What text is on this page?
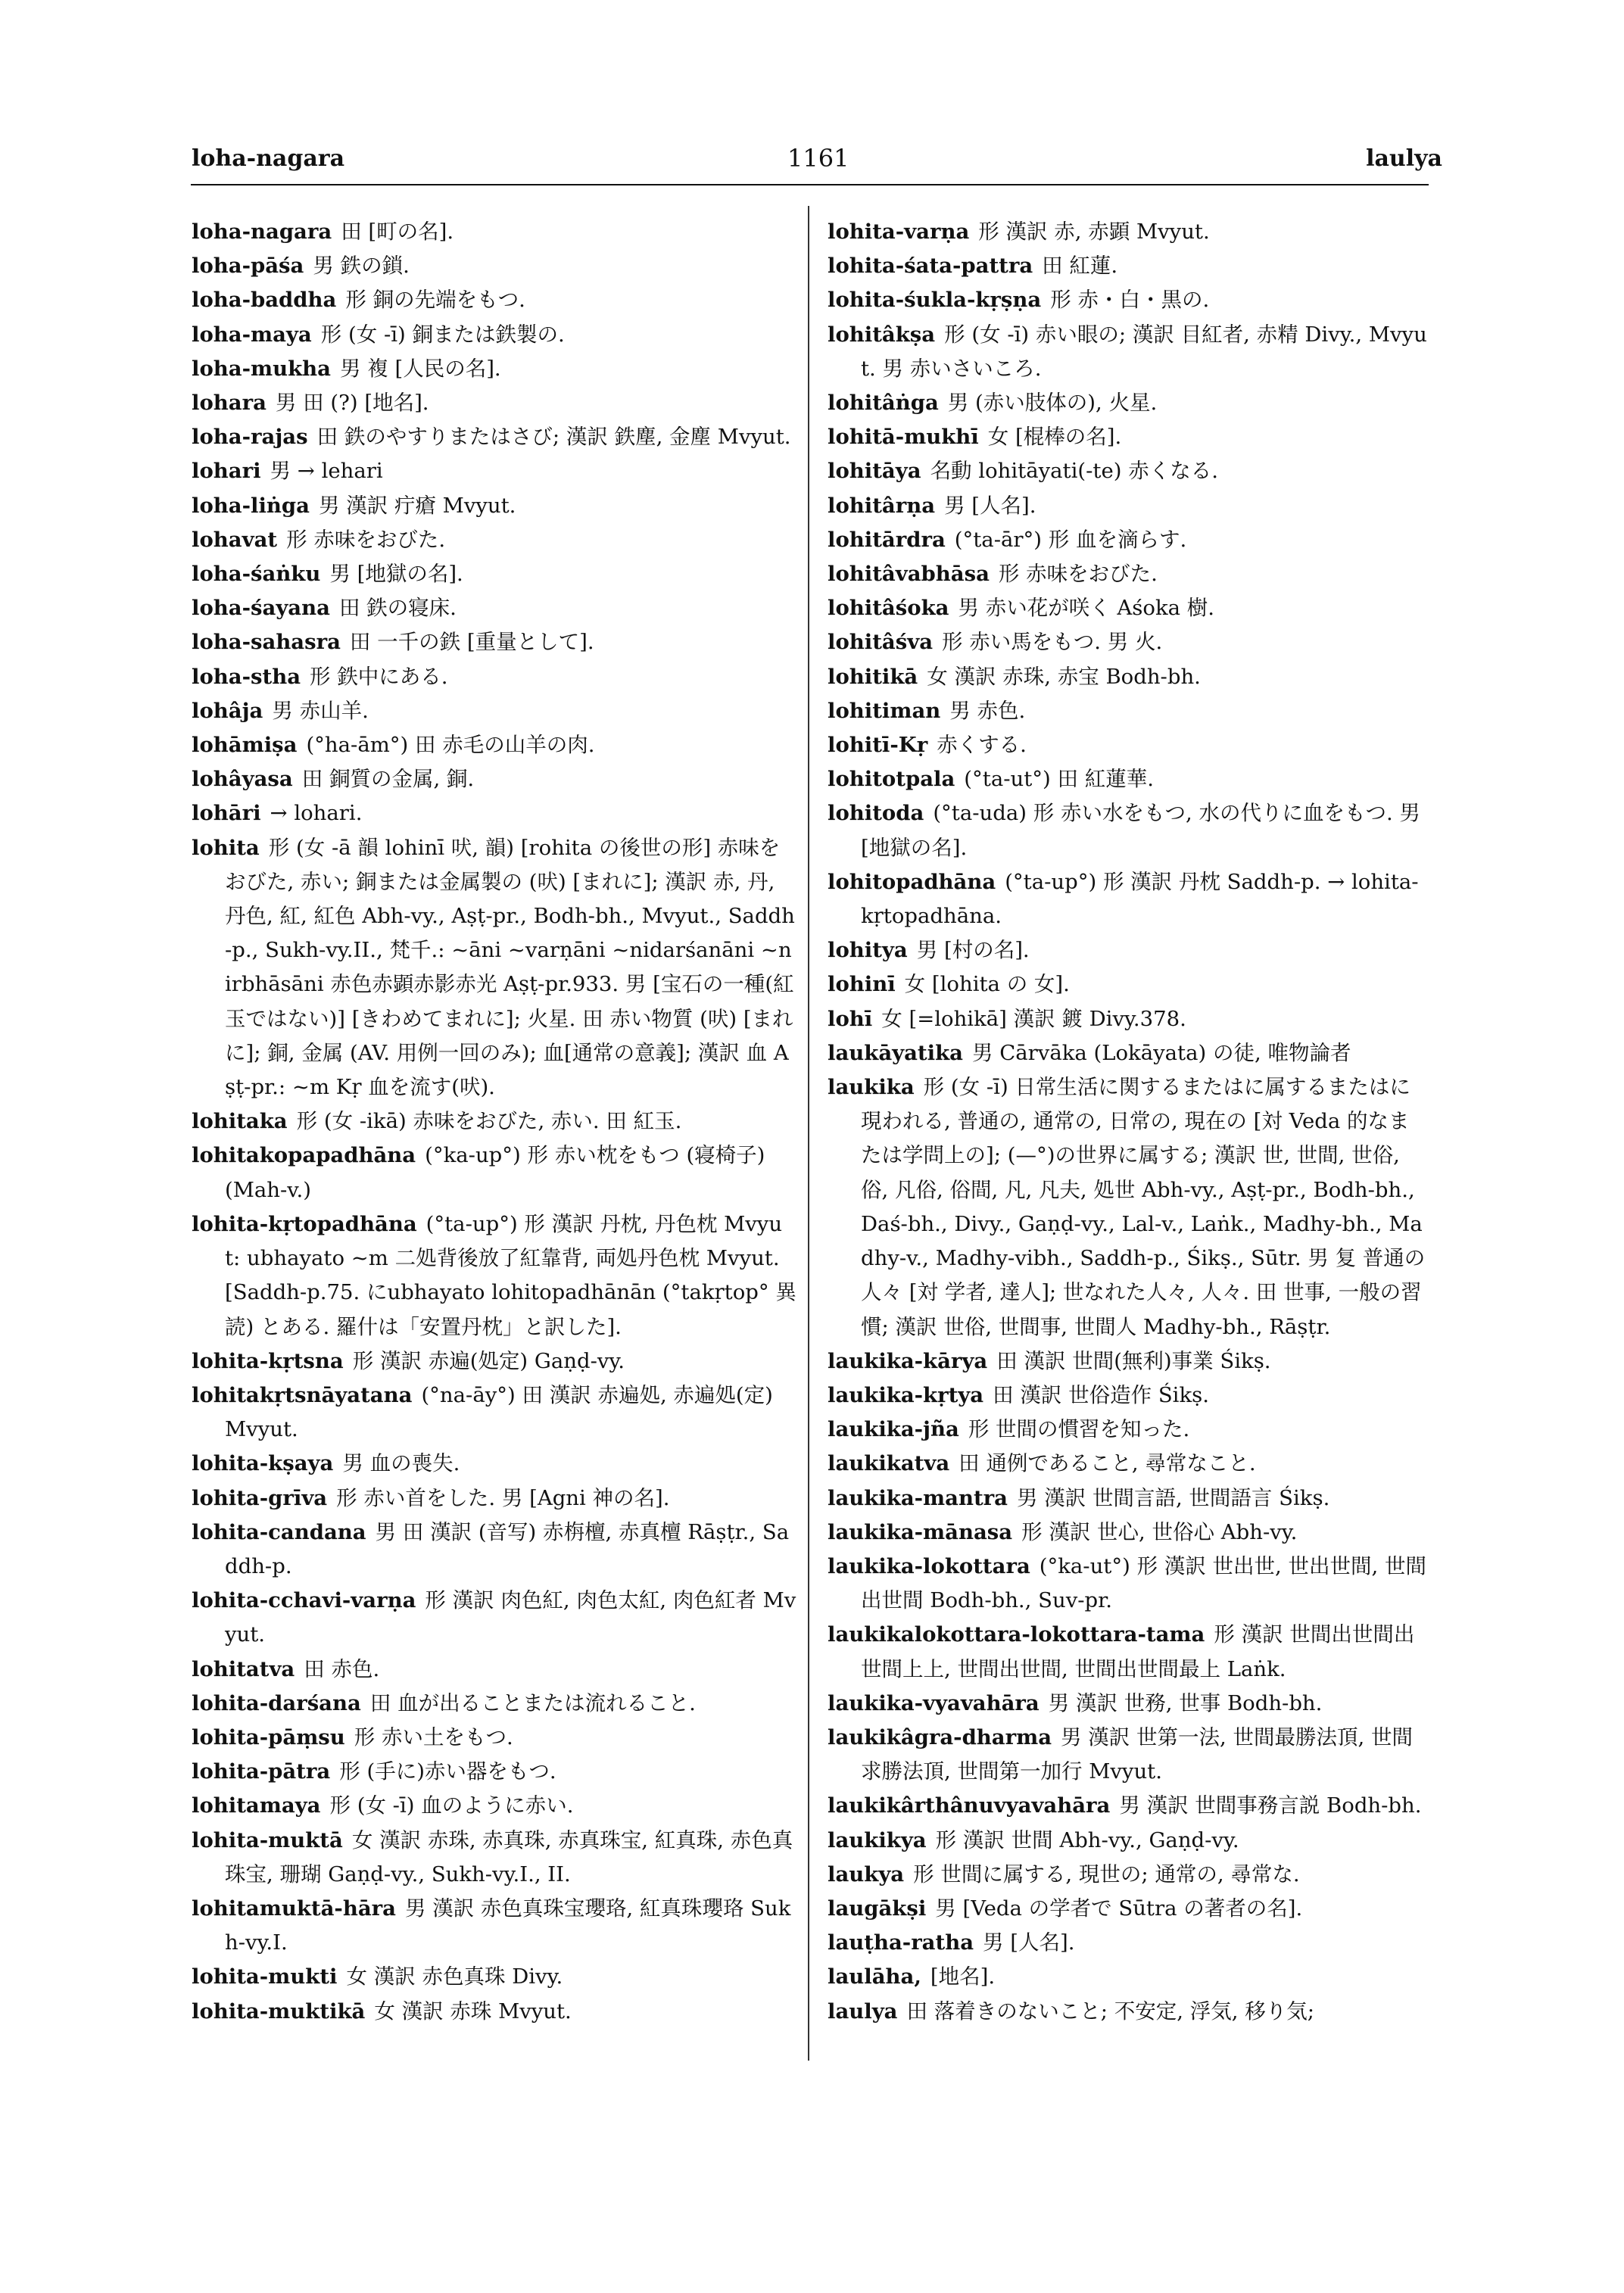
loha-nagara	1161	laulya
loha-nagara 田 [町の名].
loha-pāśa 男 鉄の鎖.
loha-baddha 形 銅の先端をもつ.
loha-maya 形 (女 -ī) 銅または鉄製の.
loha-mukha 男 複 [人民の名].
lohara 男 田 (?) [地名].
loha-rajas 田 鉄のやすりまたはさび; 漢訳 鉄塵, 金塵 Mvyut.
lohari 男 → lehari
loha-liṅga 男 漢訳 疔瘡 Mvyut.
lohavat 形 赤味をおびた.
loha-śaṅku 男 [地獄の名].
loha-śayana 田 鉄の寝床.
loha-sahasra 田 一千の鉄 [重量として].
loha-stha 形 鉄中にある.
lohâja 男 赤山羊.
lohāmiṣa (°ha-ām°) 田 赤毛の山羊の肉.
lohâyasa 田 銅質の金属, 銅.
lohāri → lohari.
lohita 形 (女 -ā 韻 lohinī 吠, 韻) [rohita の後世の形] 赤味をおびた, 赤い; 銅または金属製の (吠) [まれに]; 漢訳 赤, 丹, 丹色, 紅, 紅色 Abh-vy., Aṣṭ-pr., Bodh-bh., Mvyut., Saddh-p., Sukh-vy.II., 梵千.: ~āni ~varṇāni ~nidarśanāni ~nirbhāsāni 赤色赤顕赤影赤光 Aṣṭ-pr.933. 男 [宝石の一種(紅玉ではない)] [きわめてまれに]; 火星. 田 赤い物質 (吠) [まれに]; 銅, 金属 (AV. 用例一回のみ); 血[通常の意義]; 漢訳 血 Aṣṭ-pr.: ~m Kṛ 血を流す(吠).
lohitaka 形 (女 -ikā) 赤味をおびた, 赤い. 田 紅玉.
lohitakopapadhāna (°ka-up°) 形 赤い枕をもつ (寝椅子) (Mah-v.)
lohita-kṛtopadhāna (°ta-up°) 形 漢訳 丹枕, 丹色枕 Mvyut: ubhayato ~m 二処背後放了紅靠背, 両処丹色枕 Mvyut. [Saddh-p.75. にubhayato lohitopadhānān (°takṛtop° 異読) とある. 羅什は「安置丹枕」と訳した].
lohita-kṛtsna 形 漢訳 赤遍(処定) Gaṇḍ-vy.
lohitakṛtsnāyatana (°na-āy°) 田 漢訳 赤遍処, 赤遍処(定) Mvyut.
lohita-kṣaya 男 血の喪失.
lohita-grīva 形 赤い首をした. 男 [Agni 神の名].
lohita-candana 男 田 漢訳 (音写) 赤栴檀, 赤真檀 Rāṣṭr., Saddh-p.
lohita-cchavi-varṇa 形 漢訳 肉色紅, 肉色太紅, 肉色紅者 Mvyut.
lohitatva 田 赤色.
lohita-darśana 田 血が出ることまたは流れること.
lohita-pāṃsu 形 赤い土をもつ.
lohita-pātra 形 (手に)赤い器をもつ.
lohitamaya 形 (女 -ī) 血のように赤い.
lohita-muktā 女 漢訳 赤珠, 赤真珠, 赤真珠宝, 紅真珠, 赤色真珠宝, 珊瑚 Gaṇḍ-vy., Sukh-vy.I., II.
lohitamuktā-hāra 男 漢訳 赤色真珠宝瓔珞, 紅真珠瓔珞 Sukh-vy.I.
lohita-mukti 女 漢訳 赤色真珠 Divy.
lohita-muktikā 女 漢訳 赤珠 Mvyut.
lohita-varṇa 形 漢訳 赤, 赤顕 Mvyut.
lohita-śata-pattra 田 紅蓮.
lohita-śukla-kṛṣṇa 形 赤・白・黒の.
lohitâkṣa 形 (女 -ī) 赤い眼の; 漢訳 目紅者, 赤精 Divy., Mvyut. 男 赤いさいころ.
lohitâṅga 男 (赤い肢体の), 火星.
lohitā-mukhī 女 [棍棒の名].
lohitāya 名動 lohitāyati(-te) 赤くなる.
lohitârṇa 男 [人名].
lohitārdra (°ta-ār°) 形 血を滴らす.
lohitâvabhāsa 形 赤味をおびた.
lohitâśoka 男 赤い花が咲く Aśoka 樹.
lohitâśva 形 赤い馬をもつ. 男 火.
lohitikā 女 漢訳 赤珠, 赤宝 Bodh-bh.
lohitiman 男 赤色.
lohitī-Kṛ 赤くする.
lohitotpala (°ta-ut°) 田 紅蓮華.
lohitoda (°ta-uda) 形 赤い水をもつ, 水の代りに血をもつ. 男 [地獄の名].
lohitopadhāna (°ta-up°) 形 漢訳 丹枕 Saddh-p. → lohita-kṛtopadhāna.
lohitya 男 [村の名].
lohinī 女 [lohita の 女].
lohī 女 [=lohikā] 漢訳 鍍 Divy.378.
laukāyatika 男 Cārvāka (Lokāyata) の徒, 唯物論者
laukika 形 (女 -ī) 日常生活に関するまたはに属するまたはに現われる, 普通の, 通常の, 日常の, 現在の [対 Veda 的なまたは学問上の]; (—°)の世界に属する; 漢訳 世, 世間, 世俗, 俗, 凡俗, 俗間, 凡, 凡夫, 処世 Abh-vy., Aṣṭ-pr., Bodh-bh., Daś-bh., Divy., Gaṇḍ-vy., Lal-v., Laṅk., Madhy-bh., Madhy-v., Madhy-vibh., Saddh-p., Śikṣ., Sūtr. 男 复 普通の人々 [対 学者, 達人]; 世なれた人々, 人々. 田 世事, 一般の習慣; 漢訳 世俗, 世間事, 世間人 Madhy-bh., Rāṣṭr.
laukika-kārya 田 漢訳 世間(無利)事業 Śikṣ.
laukika-kṛtya 田 漢訳 世俗造作 Śikṣ.
laukika-jña 形 世間の慣習を知った.
laukikatva 田 通例であること, 尋常なこと.
laukika-mantra 男 漢訳 世間言語, 世間語言 Śikṣ.
laukika-mānasa 形 漢訳 世心, 世俗心 Abh-vy.
laukika-lokottara (°ka-ut°) 形 漢訳 世出世, 世出世間, 世間出世間 Bodh-bh., Suv-pr.
laukikalokottara-lokottara-tama 形 漢訳 世間出世間出世間上上, 世間出世間, 世間出世間最上 Laṅk.
laukika-vyavahāra 男 漢訳 世務, 世事 Bodh-bh.
laukikâgra-dharma 男 漢訳 世第一法, 世間最勝法頂, 世間求勝法頂, 世間第一加行 Mvyut.
laukikârthânuvyavahāra 男 漢訳 世間事務言説 Bodh-bh.
laukikya 形 漢訳 世間 Abh-vy., Gaṇḍ-vy.
laukya 形 世間に属する, 現世の; 通常の, 尋常な.
laugākṣi 男 [Veda の学者で Sūtra の著者の名].
lauṭha-ratha 男 [人名].
laulāha, [地名].
laulya 田 落着きのないこと; 不安定, 浮気, 移り気;
